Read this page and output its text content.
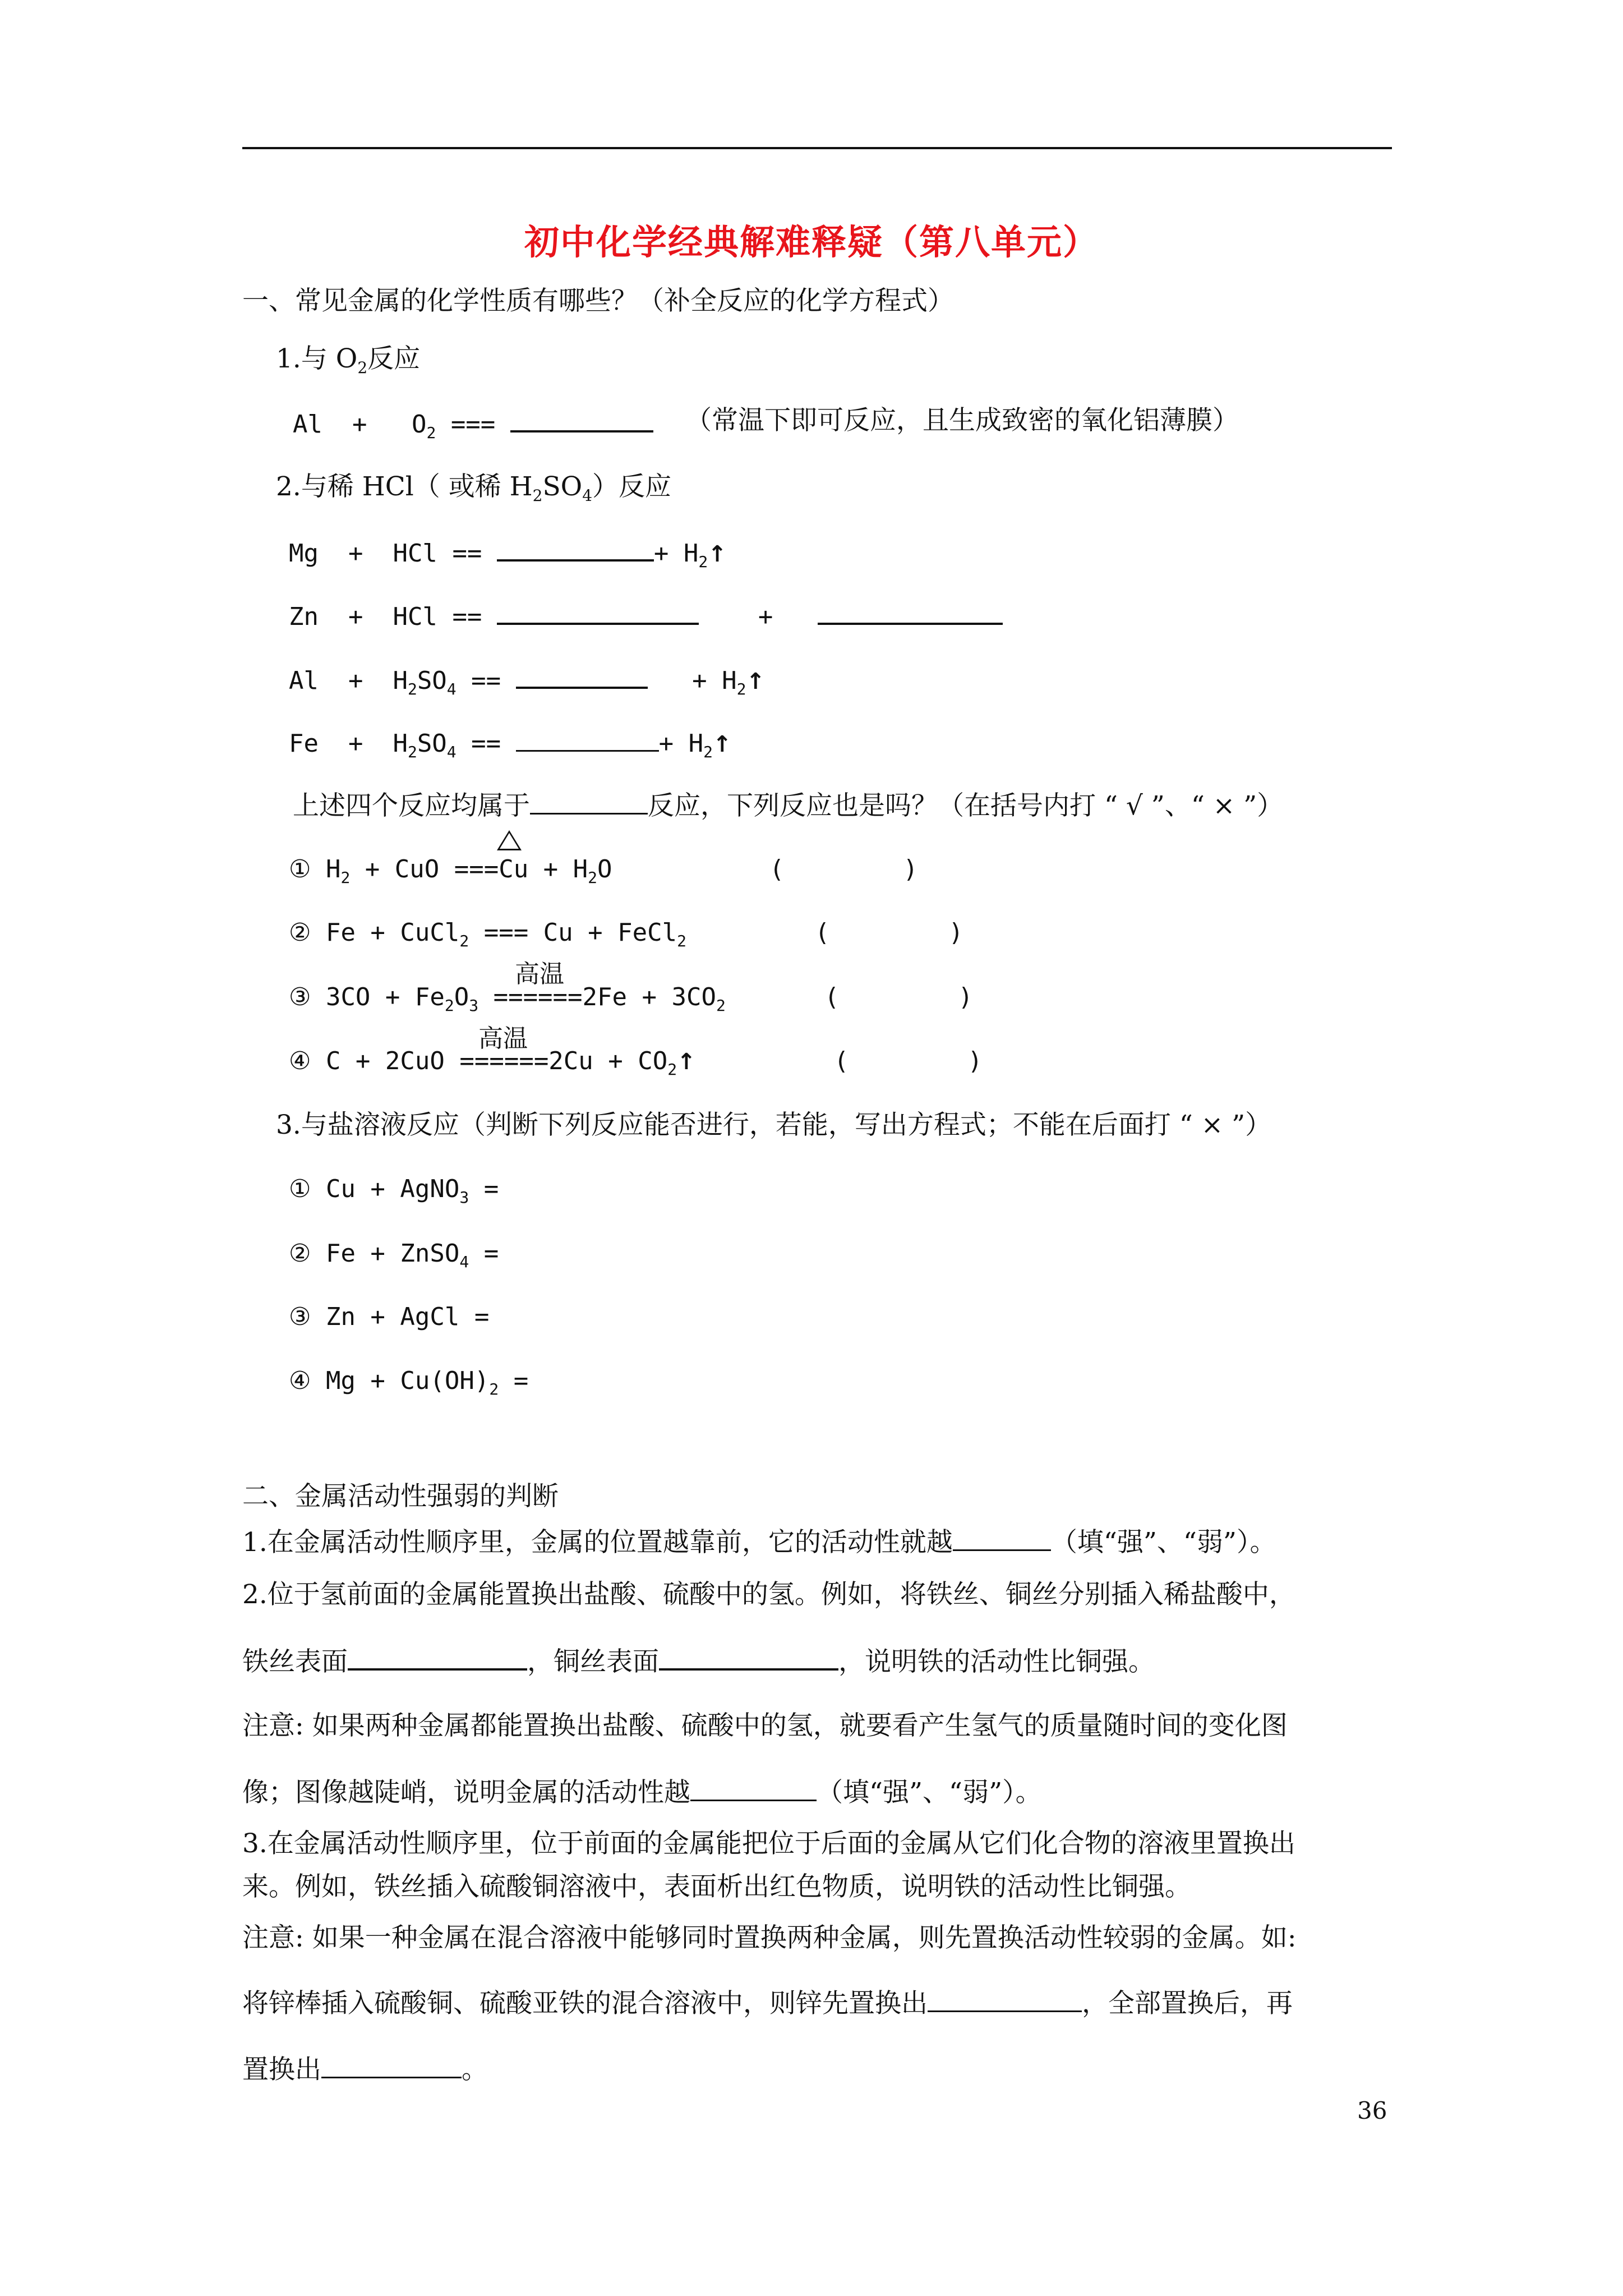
初中化学经典解难释疑（第八单元）
一、常见金属的化学性质有哪些？（补全反应的化学方程式）
1.与 $O_2$反应
$Al + O_2$ ===	（常温下即可反应，且生成致密的氧化铝薄膜）
2.与稀 HCl（ 或稀 $H_2SO_4$）反应
Mg + HCl ==	+ $H_2↑$
Zn + HCl ==	+
$Al + H_2SO_4$ ==	+ $H_2↑$
$Fe + H_2SO_4$ ==	+ $H_2↑$
上述四个反应均属于	反应，下列反应也是吗？（在括号内打 “ √ ”、“ × ”）
① $H_2$ + CuO $===Cu + H_2O$	(	)
② Fe + CuCl$_2$ === Cu + FeCl$_2$	(	)
高温
③ $3CO + Fe_2O_3 ======2Fe + 3CO_2$	(	)
高温
④ $C + 2CuO ======2Cu + CO_2↑$	(	)
3.与盐溶液反应（判断下列反应能否进行，若能，写出方程式；不能在后面打 “ × ”）
① Cu + AgNO$_3$ =
② Fe + ZnSO$_4$ =
③ Zn + AgCl =
④ $Mg + Cu(OH)_2$ =
二、金属活动性强弱的判断
1.在金属活动性顺序里，金属的位置越靠前，它的活动性就越	（填“强”、“弱”）。
2.位于氢前面的金属能置换出盐酸、硫酸中的氢。例如，将铁丝、铜丝分别插入稀盐酸中，
铁丝表面	，铜丝表面	，说明铁的活动性比铜强。
注意: 如果两种金属都能置换出盐酸、硫酸中的氢，就要看产生氢气的质量随时间的变化图
像；图像越陡峭，说明金属的活动性越	（填“强”、“弱”）。
3.在金属活动性顺序里，位于前面的金属能把位于后面的金属从它们化合物的溶液里置换出
来。例如，铁丝插入硫酸铜溶液中，表面析出红色物质，说明铁的活动性比铜强。
注意: 如果一种金属在混合溶液中能够同时置换两种金属，则先置换活动性较弱的金属。如:
将锌棒插入硫酸铜、硫酸亚铁的混合溶液中，则锌先置换出	，全部置换后，再
置换出	。
36
